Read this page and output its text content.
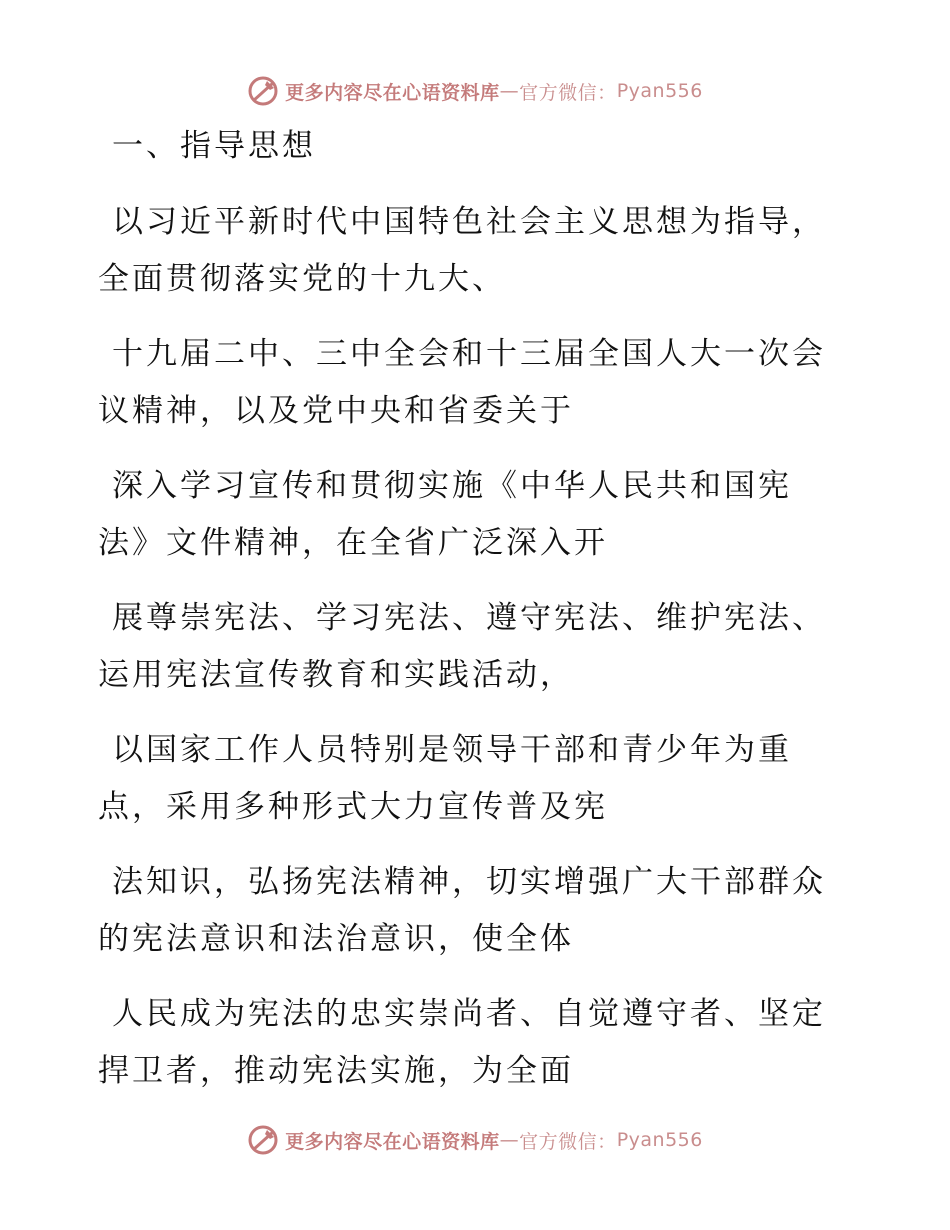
更多内容尽在心语资料库 — 官方微信： Pyan556
一、指导思想
以习近平新时代中国特色社会主义思想为指导，
全面贯彻落实党的十九大、
十九届二中、三中全会和十三届全国人大一次会
议精神，以及党中央和省委关于
深入学习宣传和贯彻实施《中华人民共和国宪
法》文件精神，在全省广泛深入开
展尊崇宪法、学习宪法、遵守宪法、维护宪法、
运用宪法宣传教育和实践活动，
以国家工作人员特别是领导干部和青少年为重
点，采用多种形式大力宣传普及宪
法知识，弘扬宪法精神，切实增强广大干部群众
的宪法意识和法治意识，使全体
人民成为宪法的忠实崇尚者、自觉遵守者、坚定
捍卫者，推动宪法实施，为全面
更多内容尽在心语资料库 — 官方微信： Pyan556
